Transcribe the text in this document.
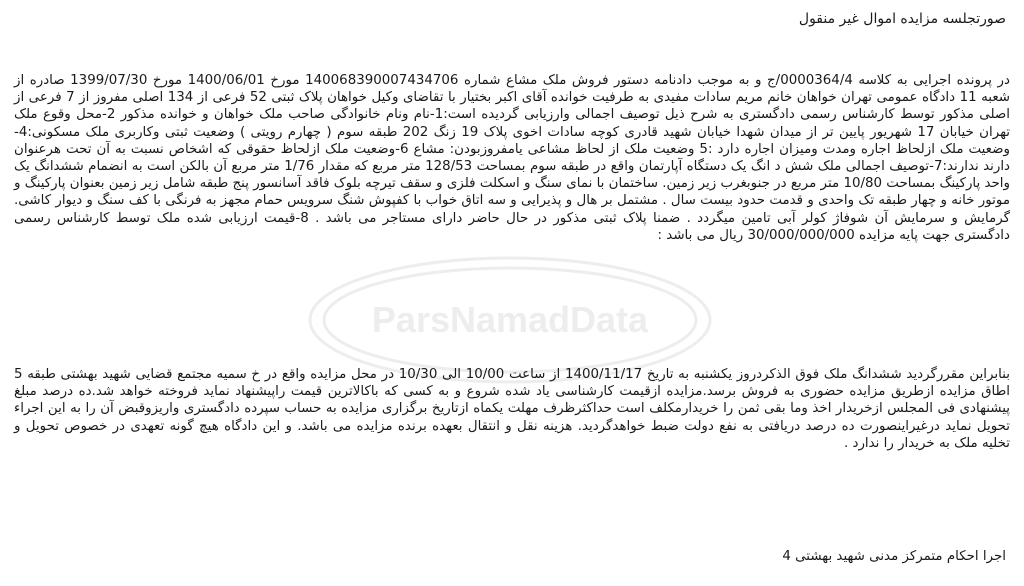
ParsNamadData
صورتجلسه مزایده اموال غیر منقول

در پرونده اجرایی به کلاسه 0000364/4/ج و به موجب دادنامه دستور فروش ملک مشاع شماره 140068390007434706 مورخ 1400/06/01 مورخ 1399/07/30 صادره از شعبه 11 دادگاه عمومی تهران خواهان خانم مریم سادات مفیدی به طرفیت خوانده آقای اکبر بختیار با تقاضای وکیل خواهان پلاک ثبتی 52 فرعی از 134 اصلی مفروز از 7 فرعی از اصلی مذکور توسط کارشناس رسمی دادگستری به شرح ذیل توصیف اجمالی وارزیابی گردیده است:1-نام ونام خانوادگی صاحب ملک خواهان و خوانده مذکور 2-محل وقوع ملک تهران خیابان 17 شهریور پایین تر از میدان شهدا خیابان شهید قادری کوچه سادات اخوی پلاک 19 زنگ 202 طبقه سوم ( چهارم رویتی ) وضعیت ثبتی وکاربری ملک مسکونی:4-وضعیت ملک ازلحاظ اجاره ومدت ومیزان اجاره دارد :5 وضعیت ملک از لحاظ مشاعی یامفروزبودن: مشاع 6-وضعیت ملک ازلحاظ حقوقی که اشخاص نسبت به آن تحت هرعنوان دارند ندارند:7-توصیف اجمالی ملک شش د انگ یک دستگاه آپارتمان واقع در طبقه سوم بمساحت 128/53 متر مربع که مقدار 1/76 متر مربع آن بالکن است به انضمام ششدانگ یک واحد پارکینگ بمساحت 10/80 متر مربع در جنوبغرب زیر زمین. ساختمان با نمای سنگ و اسکلت فلزی و سقف تیرچه بلوک فاقد آسانسور پنج طبقه شامل زیر زمین بعنوان پارکینگ و موتور خانه و چهار طبقه تک واحدی و قدمت حدود بیست سال . مشتمل بر هال و پذیرایی و سه اتاق خواب با کفپوش شنگ سرویس حمام مجهز به فرنگی با کف سنگ و دیوار کاشی. گرمایش و سرمایش آن شوفاژ کولر آبی تامین میگردد . ضمنا پلاک ثبتی مذکور در حال حاضر دارای مستاجر می باشد . 8-قیمت ارزیابی شده ملک توسط کارشناس رسمی دادگستری جهت پایه مزایده 30/000/000/000 ریال می باشد :

بنابراین مقررگردید ششدانگ ملک فوق الذکردروز یکشنبه به تاریخ 1400/11/17 از ساعت 10/00 الی 10/30 در محل مزایده واقع در خ سمیه مجتمع قضایی شهید بهشتی طبقه 5 اطاق مزایده ازطریق مزایده حضوری به فروش برسد.مزایده ازقیمت کارشناسی یاد شده شروع و به کسی که باکالاترین قیمت راپیشنهاد نماید فروخته خواهد شد.ده درصد مبلغ پیشنهادی فی المجلس ازخریدار اخذ وما بقی ثمن را خریدارمکلف است حداکثرظرف مهلت یکماه ازتاریخ برگزاری مزایده به حساب سپرده دادگستری واریزوقبض آن را به این اجراء تحویل نماید درغیراینصورت ده درصد دریافتی به نفع دولت ضبط خواهدگردید. هزینه نقل و انتقال بعهده برنده مزایده می باشد. و این دادگاه هیچ گونه تعهدی در خصوص تحویل و تخلیه ملک به خریدار را ندارد .

اجرا احکام متمرکز مدنی شهید بهشتی 4
